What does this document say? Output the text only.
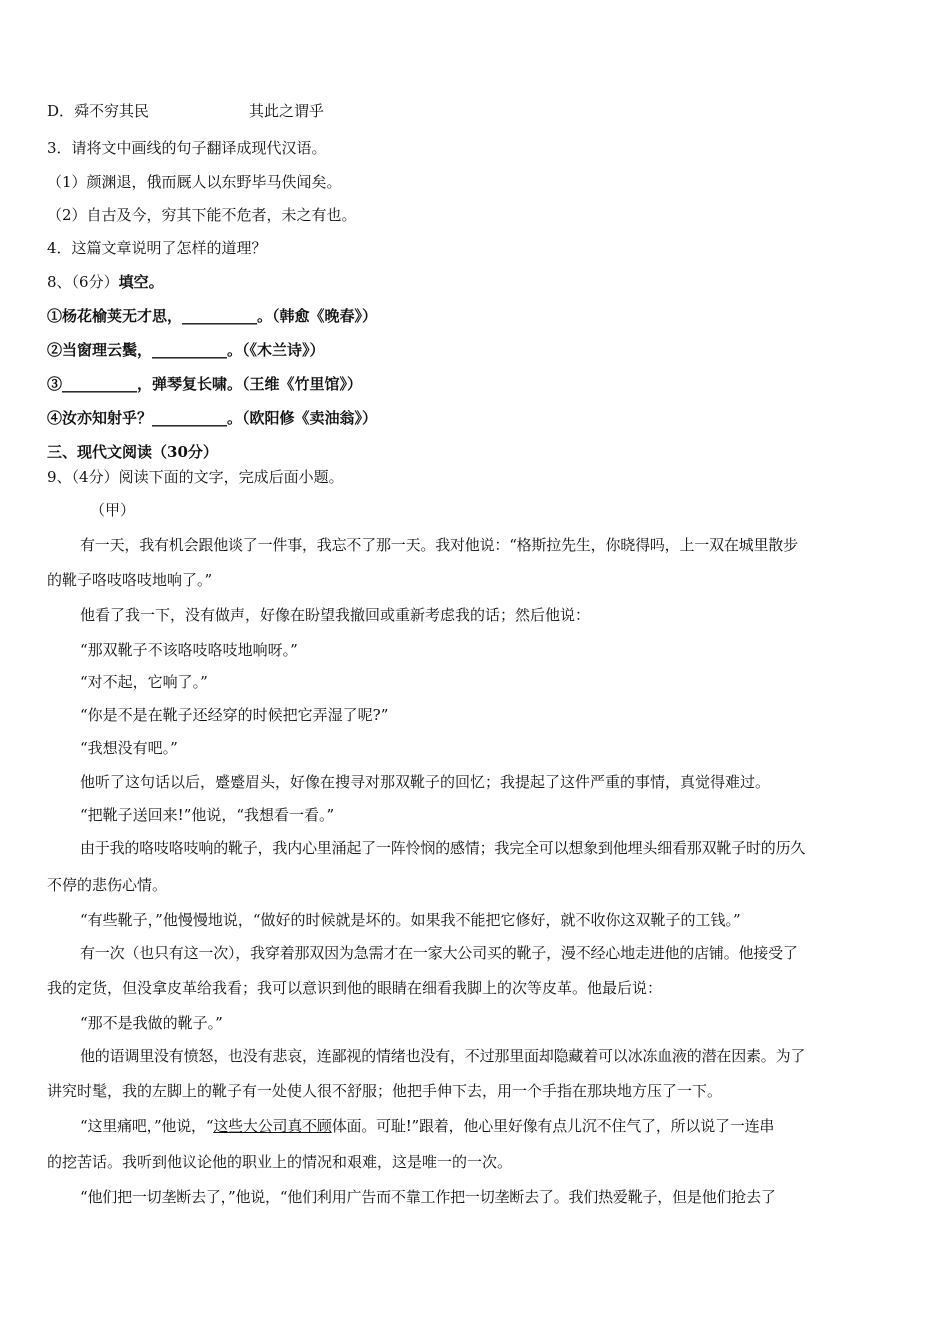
D．舜不穷其民	其此之谓乎
3．请将文中画线的句子翻译成现代汉语。
（1）颜渊退，俄而厩人以东野毕马佚闻矣。
（2）自古及今，穷其下能不危者，未之有也。
4．这篇文章说明了怎样的道理？
8、（6分）填空。
①杨花榆荚无才思，__________。（韩愈《晚春》）
②当窗理云鬓，__________。（《木兰诗》）
③__________，弹琴复长啸。（王维《竹里馆》）
④汝亦知射乎？__________。（欧阳修《卖油翁》）
三、现代文阅读（30分）
9、（4分）阅读下面的文字，完成后面小题。
（甲）
有一天，我有机会跟他谈了一件事，我忘不了那一天。我对他说：“格斯拉先生，你晓得吗，上一双在城里散步
的靴子咯吱咯吱地响了。”
他看了我一下，没有做声，好像在盼望我撤回或重新考虑我的话；然后他说：
“那双靴子不该咯吱咯吱地响呀。”
“对不起，它响了。”
“你是不是在靴子还经穿的时候把它弄湿了呢?”
“我想没有吧。”
他听了这句话以后，蹙蹙眉头，好像在搜寻对那双靴子的回忆；我提起了这件严重的事情，真觉得难过。
“把靴子送回来!”他说，“我想看一看。”
由于我的咯吱咯吱响的靴子，我内心里涌起了一阵怜悯的感情；我完全可以想象到他埋头细看那双靴子时的历久
不停的悲伤心情。
“有些靴子，”他慢慢地说，“做好的时候就是坏的。如果我不能把它修好，就不收你这双靴子的工钱。”
有一次（也只有这一次），我穿着那双因为急需才在一家大公司买的靴子，漫不经心地走进他的店铺。他接受了
我的定货，但没拿皮革给我看；我可以意识到他的眼睛在细看我脚上的次等皮革。他最后说：
“那不是我做的靴子。”
他的语调里没有愤怒，也没有悲哀，连鄙视的情绪也没有，不过那里面却隐藏着可以冰冻血液的潜在因素。为了
讲究时髦，我的左脚上的靴子有一处使人很不舒服；他把手伸下去，用一个手指在那块地方压了一下。
“这里痛吧，”他说，“这些大公司真不顾体面。可耻!”跟着，他心里好像有点儿沉不住气了，所以说了一连串
的挖苦话。我听到他议论他的职业上的情况和艰难，这是唯一的一次。
“他们把一切垄断去了，”他说，“他们利用广告而不靠工作把一切垄断去了。我们热爱靴子，但是他们抢去了
